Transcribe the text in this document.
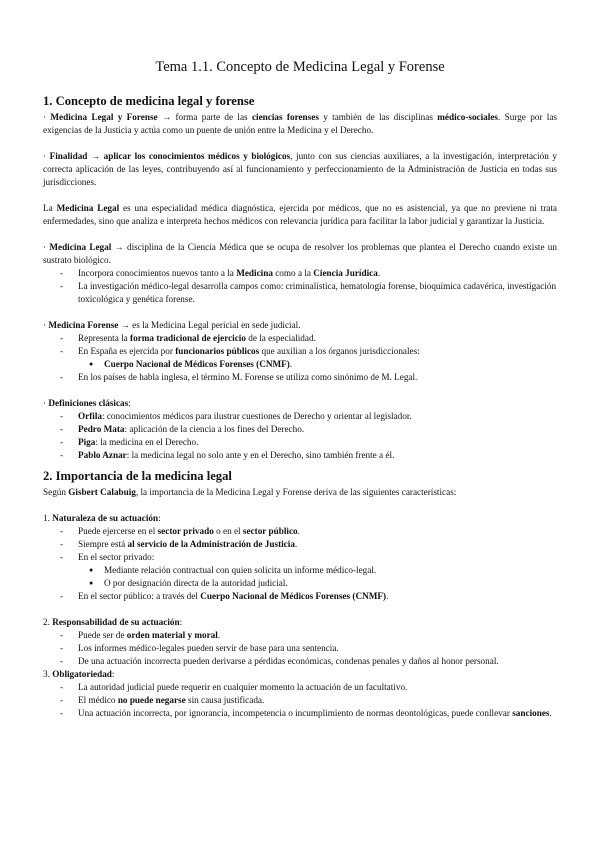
Tema 1.1. Concepto de Medicina Legal y Forense
1. Concepto de medicina legal y forense

· Medicina Legal y Forense → forma parte de las ciencias forenses y también de las disciplinas médico-sociales. Surge por las exigencias de la Justicia y actúa como un puente de unión entre la Medicina y el Derecho.

· Finalidad → aplicar los conocimientos médicos y biológicos, junto con sus ciencias auxiliares, a la investigación, interpretación y correcta aplicación de las leyes, contribuyendo así al funcionamiento y perfeccionamiento de la Administración de Justicia en todas sus jurisdicciones.

La Medicina Legal es una especialidad médica diagnóstica, ejercida por médicos, que no es asistencial, ya que no previene ni trata enfermedades, sino que analiza e interpreta hechos médicos con relevancia jurídica para facilitar la labor judicial y garantizar la Justicia.

· Medicina Legal → disciplina de la Ciencia Médica que se ocupa de resolver los problemas que plantea el Derecho cuando existe un sustrato biológico.

- Incorpora conocimientos nuevos tanto a la Medicina como a la Ciencia Jurídica.
- La investigación médico-legal desarrolla campos como: criminalística, hematología forense, bioquímica cadavérica, investigación toxicológica y genética forense.

· Medicina Forense → es la Medicina Legal pericial en sede judicial.

- Representa la forma tradicional de ejercicio de la especialidad.
- En España es ejercida por funcionarios públicos que auxilian a los órganos jurisdiccionales:
● Cuerpo Nacional de Médicos Forenses (CNMF).
- En los países de habla inglesa, el término M. Forense se utiliza como sinónimo de M. Legal.

· Definiciones clásicas:

- Orfila: conocimientos médicos para ilustrar cuestiones de Derecho y orientar al legislador.
- Pedro Mata: aplicación de la ciencia a los fines del Derecho.
- Piga: la medicina en el Derecho.
- Pablo Aznar: la medicina legal no solo ante y en el Derecho, sino también frente a él.
2. Importancia de la medicina legal

Según Gisbert Calabuig, la importancia de la Medicina Legal y Forense deriva de las siguientes características:

1. Naturaleza de su actuación:

- Puede ejercerse en el sector privado o en el sector público.
- Siempre está al servicio de la Administración de Justicia.
- En el sector privado:
● Mediante relación contractual con quien solicita un informe médico-legal.
● O por designación directa de la autoridad judicial.
- En el sector público: a través del Cuerpo Nacional de Médicos Forenses (CNMF).

2. Responsabilidad de su actuación:

- Puede ser de orden material y moral.
- Los informes médico-legales pueden servir de base para una sentencia.
- De una actuación incorrecta pueden derivarse a pérdidas económicas, condenas penales y daños al honor personal.

3. Obligatoriedad:

- La autoridad judicial puede requerir en cualquier momento la actuación de un facultativo.
- El médico no puede negarse sin causa justificada.
- Una actuación incorrecta, por ignorancia, incompetencia o incumplimiento de normas deontológicas, puede conllevar sanciones.
